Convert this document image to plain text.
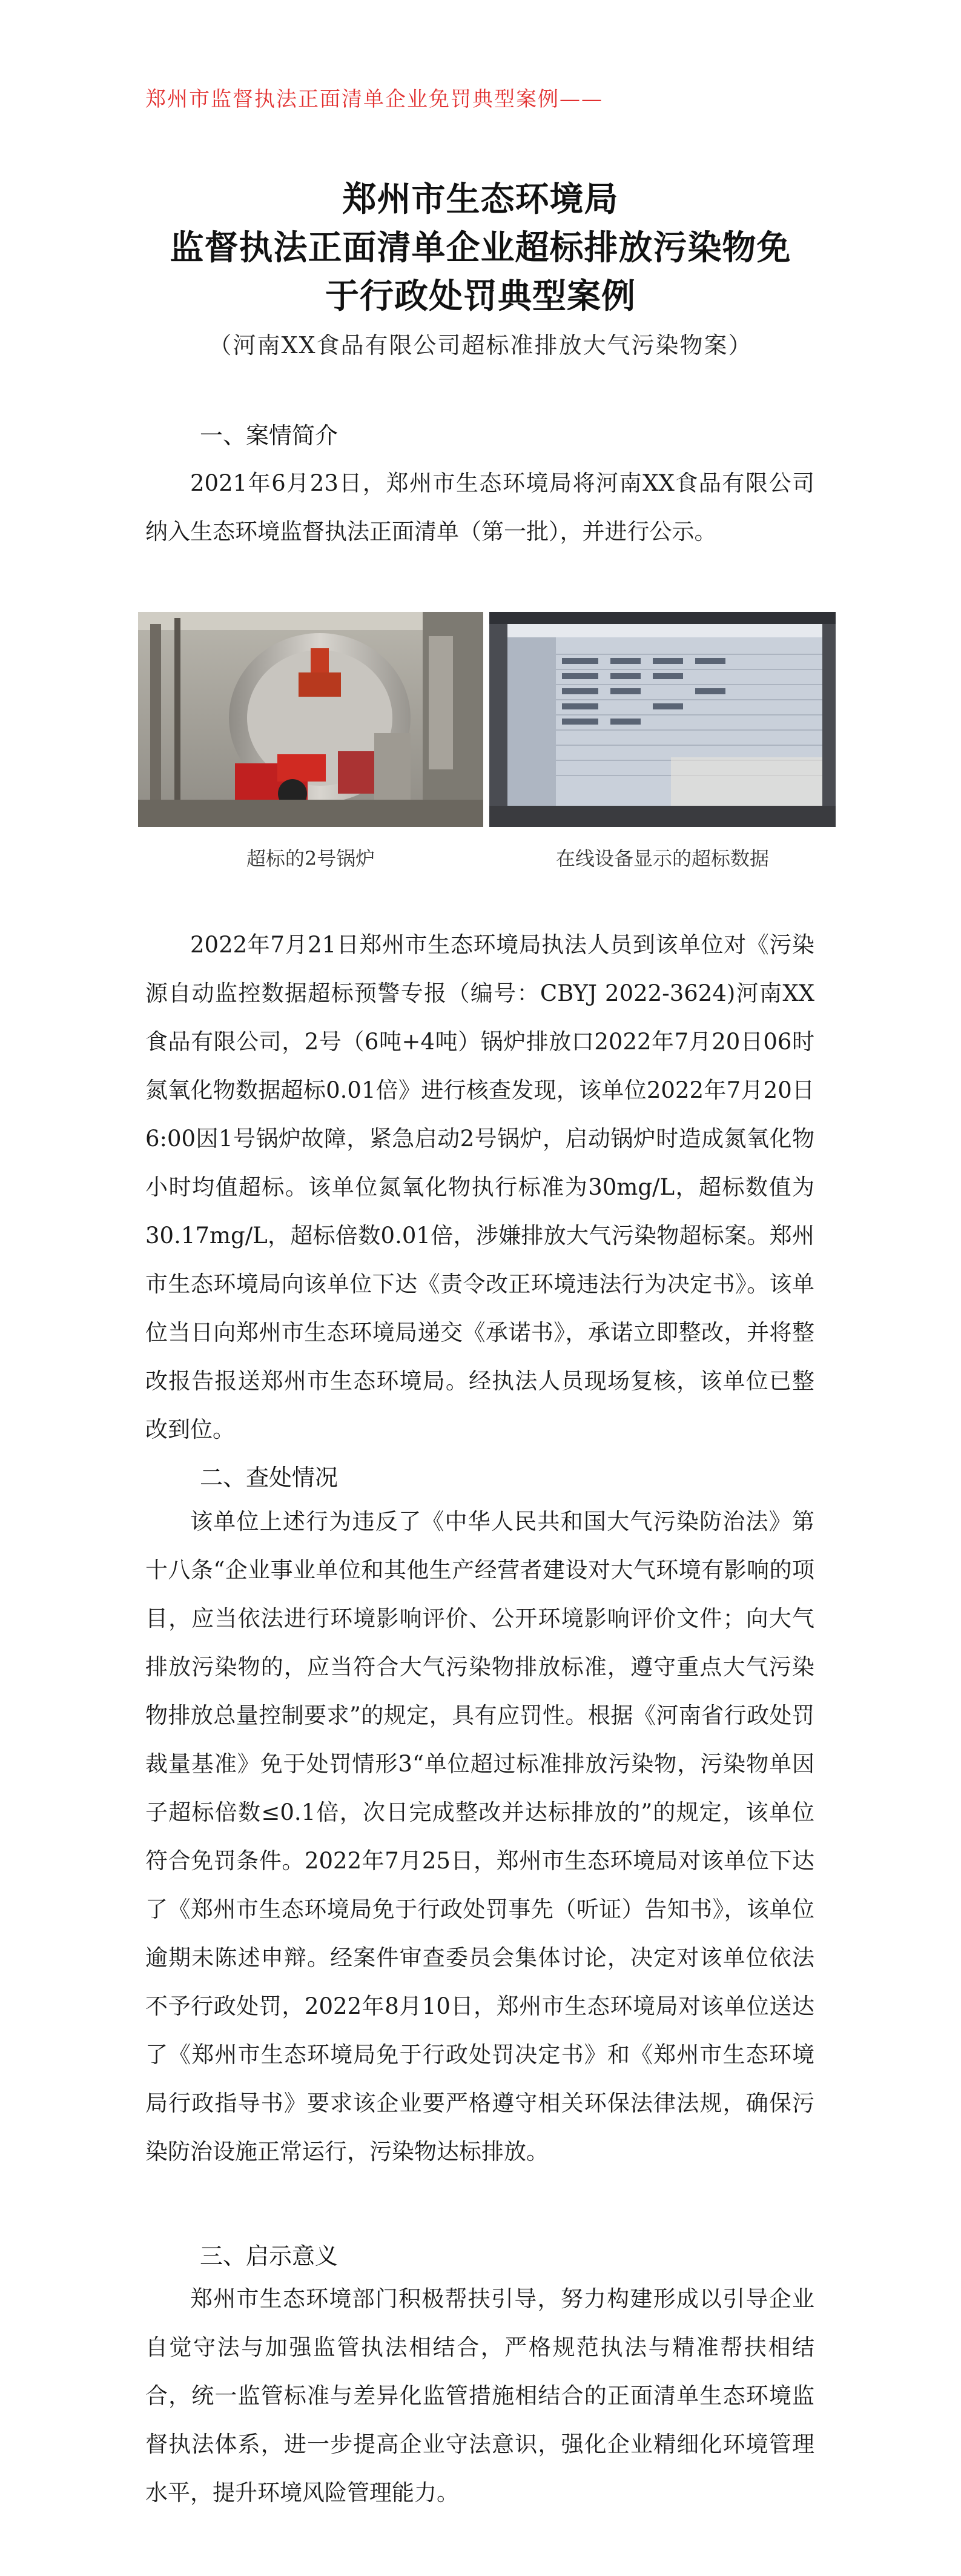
郑州市监督执法正面清单企业免罚典型案例——
郑州市生态环境局
监督执法正面清单企业超标排放污染物免
于行政处罚典型案例
（河南XX食品有限公司超标准排放大气污染物案）
一、案情简介
2021年6月23日，郑州市生态环境局将河南XX食品有限公司纳入生态环境监督执法正面清单（第一批），并进行公示。
超标的2号锅炉	在线设备显示的超标数据
2022年7月21日郑州市生态环境局执法人员到该单位对《污染源自动监控数据超标预警专报（编号：CBYJ 2022-3624)河南XX食品有限公司，2号（6吨+4吨）锅炉排放口2022年7月20日06时氮氧化物数据超标0.01倍》进行核查发现，该单位2022年7月20日6:00因1号锅炉故障，紧急启动2号锅炉，启动锅炉时造成氮氧化物小时均值超标。该单位氮氧化物执行标准为30mg/L，超标数值为30.17mg/L，超标倍数0.01倍，涉嫌排放大气污染物超标案。郑州市生态环境局向该单位下达《责令改正环境违法行为决定书》。该单位当日向郑州市生态环境局递交《承诺书》，承诺立即整改，并将整改报告报送郑州市生态环境局。经执法人员现场复核，该单位已整改到位。
二、查处情况
该单位上述行为违反了《中华人民共和国大气污染防治法》第十八条“企业事业单位和其他生产经营者建设对大气环境有影响的项目，应当依法进行环境影响评价、公开环境影响评价文件；向大气排放污染物的，应当符合大气污染物排放标准，遵守重点大气污染物排放总量控制要求”的规定，具有应罚性。根据《河南省行政处罚裁量基准》免于处罚情形3“单位超过标准排放污染物，污染物单因子超标倍数≤0.1倍，次日完成整改并达标排放的”的规定，该单位符合免罚条件。2022年7月25日，郑州市生态环境局对该单位下达了《郑州市生态环境局免于行政处罚事先（听证）告知书》，该单位逾期未陈述申辩。经案件审查委员会集体讨论，决定对该单位依法不予行政处罚，2022年8月10日，郑州市生态环境局对该单位送达了《郑州市生态环境局免于行政处罚决定书》和《郑州市生态环境局行政指导书》要求该企业要严格遵守相关环保法律法规，确保污染防治设施正常运行，污染物达标排放。
三、启示意义
郑州市生态环境部门积极帮扶引导，努力构建形成以引导企业自觉守法与加强监管执法相结合，严格规范执法与精准帮扶相结合，统一监管标准与差异化监管措施相结合的正面清单生态环境监督执法体系，进一步提高企业守法意识，强化企业精细化环境管理水平，提升环境风险管理能力。
